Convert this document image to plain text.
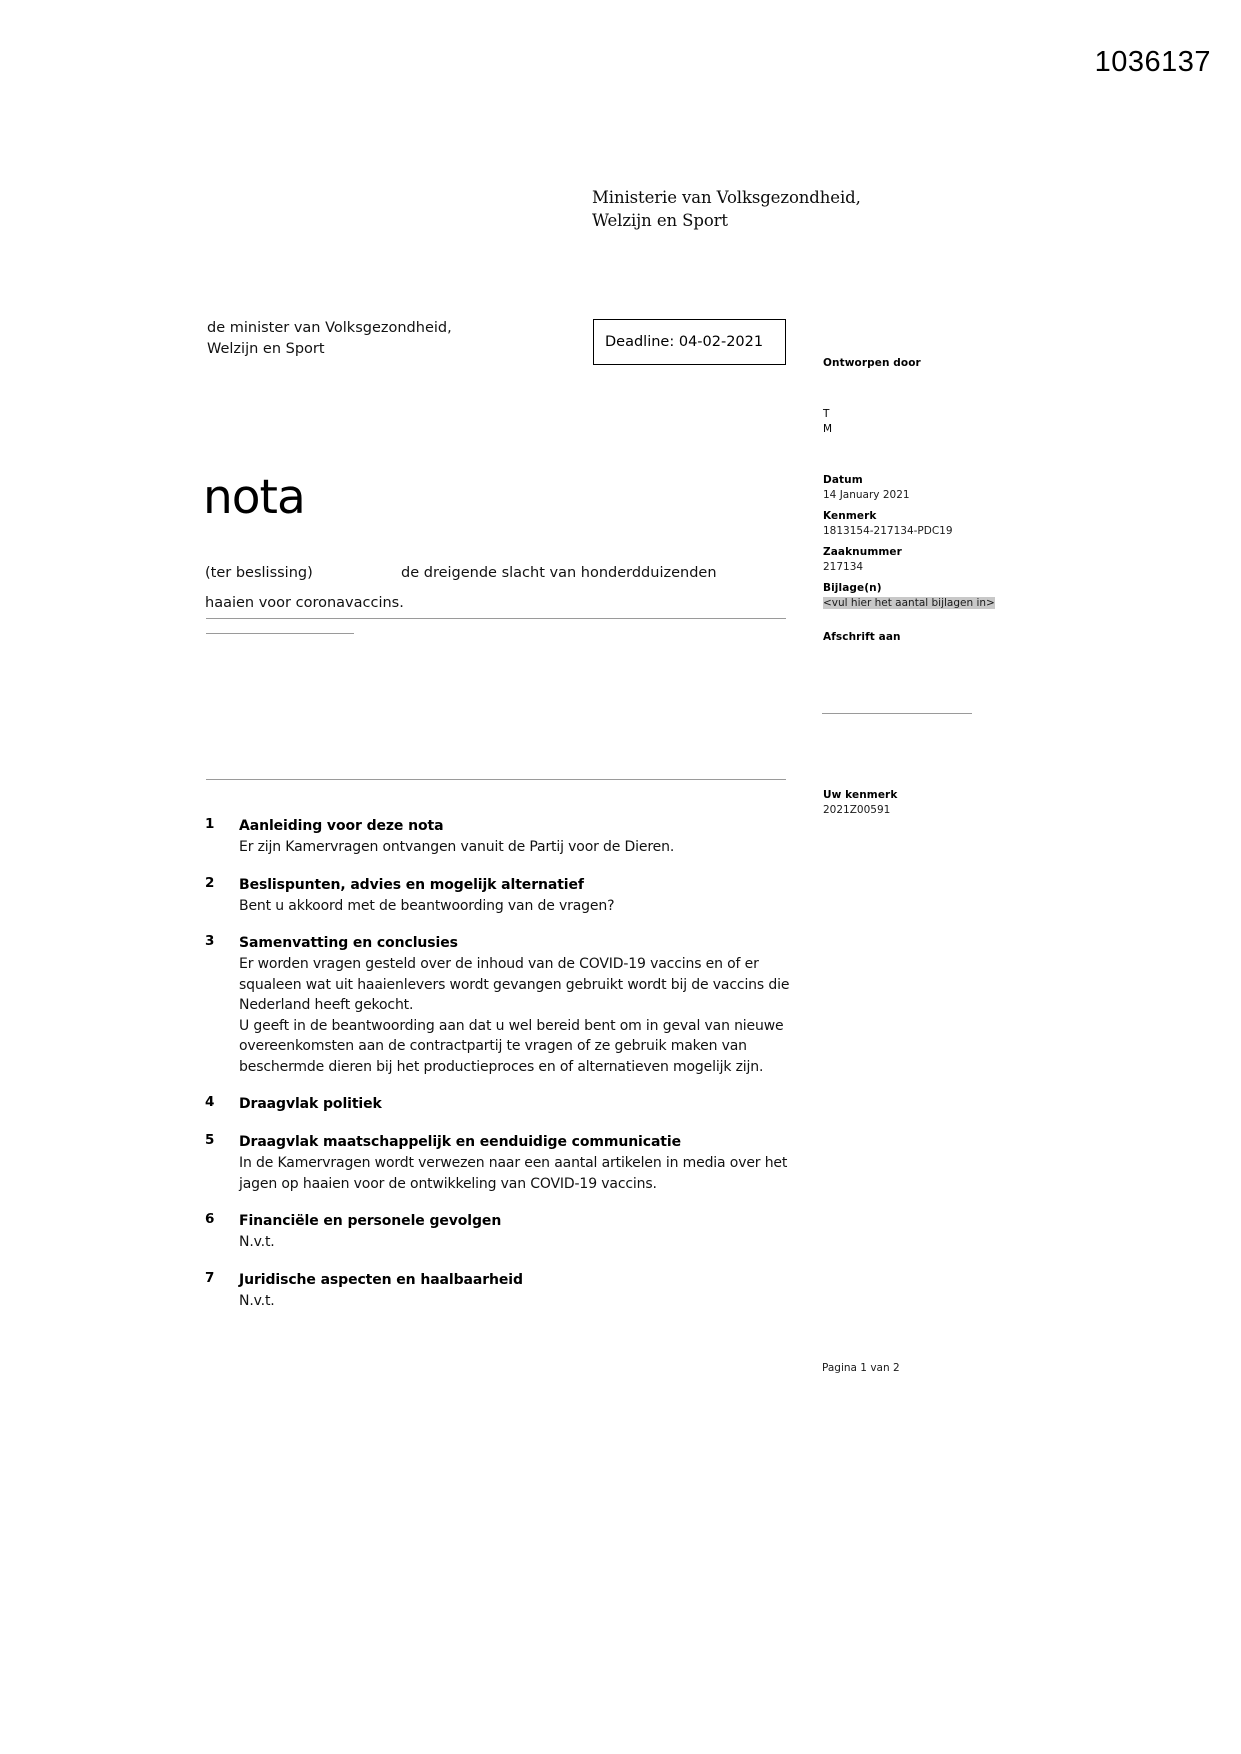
1036137
Ministerie van Volksgezondheid,
Welzijn en Sport
de minister van Volksgezondheid,
Welzijn en Sport	Deadline: 04-02-2021
nota
(ter beslissing)	de dreigende slacht van honderdduizenden
haaien voor coronavaccins.
Ontworpen door
T
M
Datum
14 January 2021
Kenmerk
1813154-217134-PDC19
Zaaknummer
217134
Bijlage(n)
<vul hier het aantal bijlagen in>
Afschrift aan
Uw kenmerk
2021Z00591
1 Aanleiding voor deze nota
Er zijn Kamervragen ontvangen vanuit de Partij voor de Dieren.
2 Beslispunten, advies en mogelijk alternatief
Bent u akkoord met de beantwoording van de vragen?
3 Samenvatting en conclusies
Er worden vragen gesteld over de inhoud van de COVID-19 vaccins en of er squaleen wat uit haaienlevers wordt gevangen gebruikt wordt bij de vaccins die Nederland heeft gekocht.
U geeft in de beantwoording aan dat u wel bereid bent om in geval van nieuwe overeenkomsten aan de contractpartij te vragen of ze gebruik maken van beschermde dieren bij het productieproces en of alternatieven mogelijk zijn.
4 Draagvlak politiek
5 Draagvlak maatschappelijk en eenduidige communicatie
In de Kamervragen wordt verwezen naar een aantal artikelen in media over het jagen op haaien voor de ontwikkeling van COVID-19 vaccins.
6 Financiële en personele gevolgen
N.v.t.
7 Juridische aspecten en haalbaarheid
N.v.t.
Pagina 1 van 2
